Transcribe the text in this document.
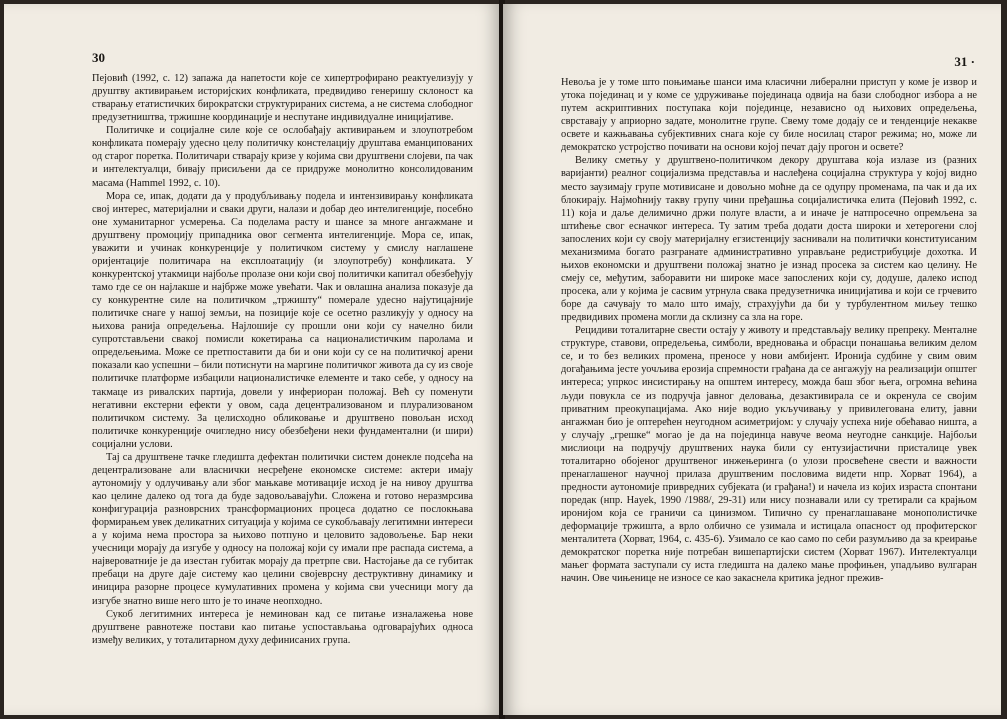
30

Пејовић (1992, с. 12) запажа да напетости које се хипертрофирано реактуелизују у друштву активирањем историјских конфликата, предвидиво генеришу склоност ка стварању етатистичких бирократски структурираних система, а не система слободног предузетништва, тржишне координације и неспутане индивидуалне иницијативе.

Политичке и социјалне силе које се ослобађају активирањем и злоупотребом конфликата померају удесно целу политичку констелацију друштава еманципованих од старог поретка. Политичари стварају кризе у којима сви друштвени слојеви, па чак и интелектуалци, бивају присиљени да се придруже монолитно консолидованим масама (Hammel 1992, с. 10).

Мора се, ипак, додати да у продубљивању подела и интензивирању конфликата свој интерес, материјални и сваки други, налази и добар део интелигенције, посебно оне хуманитарног усмерења. Са поделама расту и шансе за многе ангажмане и друштвену промоцију припадника овог сегмента интелигенције. Мора се, ипак, уважити и учинак конкуренције у политичком систему у смислу наглашене оријентације политичара на експлоатацију (и злоупотребу) конфликата. У конкурентској утакмици најбоље пролазе они који свој политички капитал обезбеђују тамо где се он најлакше и најбрже може увећати. Чак и овлашна анализа показује да су конкурентне силе на политичком „тржишту“ померале удесно најутицајније политичке снаге у нашој земљи, на позиције које се осетно разликују у односу на њихова ранија опредељења. Најлошије су прошли они који су начелно били супротстављени свакој помисли кокетирања са националистичким паролама и опредељењима. Може се претпоставити да би и они који су се на политичкој арени показали као успешни – били потиснути на маргине политичког живота да су из своје политичке платформе избацили националистичке елементе и тако себе, у односу на такмаце из ривалских партија, довели у инфериоран положај. Већ су поменути негативни екстерни ефекти у овом, сада децентрализованом и плурализованом политичком систему. За целисходно обликовање и друштвено повољан исход политичке конкуренције очигледно нису обезбеђени неки фундаментални (и шири) социјални услови.

Тај са друштвене тачке гледишта дефектан политички систем донекле подсећа на децентрализоване али власнички несређене економске системе: актери имају аутономију у одлучивању али због мањкаве мотивације исход је на нивоу друштва као целине далеко од тога да буде задовољавајући. Сложена и готово неразмрсива конфигурација разноврсних трансформационих процеса додатно се послокњава формирањем увек деликатних ситуација у којима се сукобљавају легитимни интереси а у којима нема простора за њихово потпуно и целовито задовољење. Бар неки учесници морају да изгубе у односу на положај који су имали пре распада система, а највероватније је да изестан губитак морају да претрпе сви. Настојање да се губитак пребаци на друге даје систему као целини својеврсну деструктивну динамику и иницира разорне процесе кумулативних промена у којима сви учесници могу да изгубе знатно више него што је то иначе неопходно.

Сукоб легитимних интереса је неминован кад се питање изналажења нове друштвене равнотеже постави као питање успостављања одговарајућих односа између великих, у тоталитарном духу дефинисаних група.

31 ·

Невоља је у томе што поњимање шанси има класични либерални приступ у коме је извор и утока појединац и у коме се удруживање појединаца одвија на бази слободног избора а не путем аскриптивних поступака који појединце, независно од њихових опредељења, сврставају у априорно задате, монолитне групе. Свему томе додају се и тенденције некакве освете и кажњавања субјективних снага које су биле носилац старог режима; но, може ли демократско устројство почивати на основи којој печат дају прогон и освете?

Велику сметњу у друштвено-политичком декору друштава која излазе из (разних варијанти) реалног социјализма представља и наслеђена социјална структура у којој видно место заузимају групе мотивисане и довољно моћне да се одупру променама, па чак и да их блокирају. Најмоћнију такву групу чини пређашња социјалистичка елита (Пејовић 1992, с. 11) која и даље делимично држи полуге власти, а и иначе је натпросечно опремљена за штићење свог есначког интереса. Ту затим треба додати доста широки и хетерогени слој запослених који су своју материјалну егзистенцију заснивали на политички конституисаним механизмима богато разгранате административно управљане редистрибуције дохотка. И њихов економски и друштвени положај знатно је изнад просека за систем као целину. Не смеју се, међутим, заборавити ни широке масе запослених који су, додуше, далеко испод просека, али у којима је сасвим утрнула свака предузетничка иницијатива и који се грчевито боре да сачувају то мало што имају, страхујући да би у турбулентном миљеу тешко предвидивих промена могли да склизну са зла на горе.

Рецидиви тоталитарне свести остају у животу и представљају велику препреку. Менталне структуре, ставови, опредељења, симболи, вредновања и обрасци понашања великим делом се, и то без великих промена, преносе у нови амбијент. Иронија судбине у свим овим догађањима јесте уочљива ерозија спремности грађана да се ангажују на реализацији општег интереса; упркос инсистирању на општем интересу, можда баш због њега, огромна већина људи повукла се из подручја јавног деловања, дезактивирала се и окренула се својим приватним преокупацијама. Ако није водио укључивању у привилегована елиту, јавни ангажман био је оптерећен неугодном асиметријом: у случају успеха није обећавао ништа, а у случају „грешке“ могао је да на појединца навуче веома неугодне санкције. Најбољи мислиоци на подручју друштвених наука били су ентузијастични присталице увек тоталитарно обојеног друштвеног инжењеринга (о улози просвећене свести и важности пренаглашеног научној прилаза друштвеним пословима видети нпр. Хорват 1964), а предности аутономије привредних субјеката (и грађана!) и начела из којих израста спонтани поредак (нпр. Hayek, 1990 /1988/, 29-31) или нису познавали или су третирали са крајњом иронијом која се граничи са цинизмом. Типично су пренаглашаване монополистичке деформације тржишта, а врло олбично се узимала и истицала опасност од профитерског менталитета (Хорват, 1964, с. 435-6). Узимало се као само по себи разумљиво да за креирање демократског поретка није потребан вишепартијски систем (Хорват 1967). Интелектуалци мањег формата заступали су иста гледишта на далеко мање профињен, упадљиво вулгаран начин. Ове чињенице не износе се као закаснела критика једног прежив-
